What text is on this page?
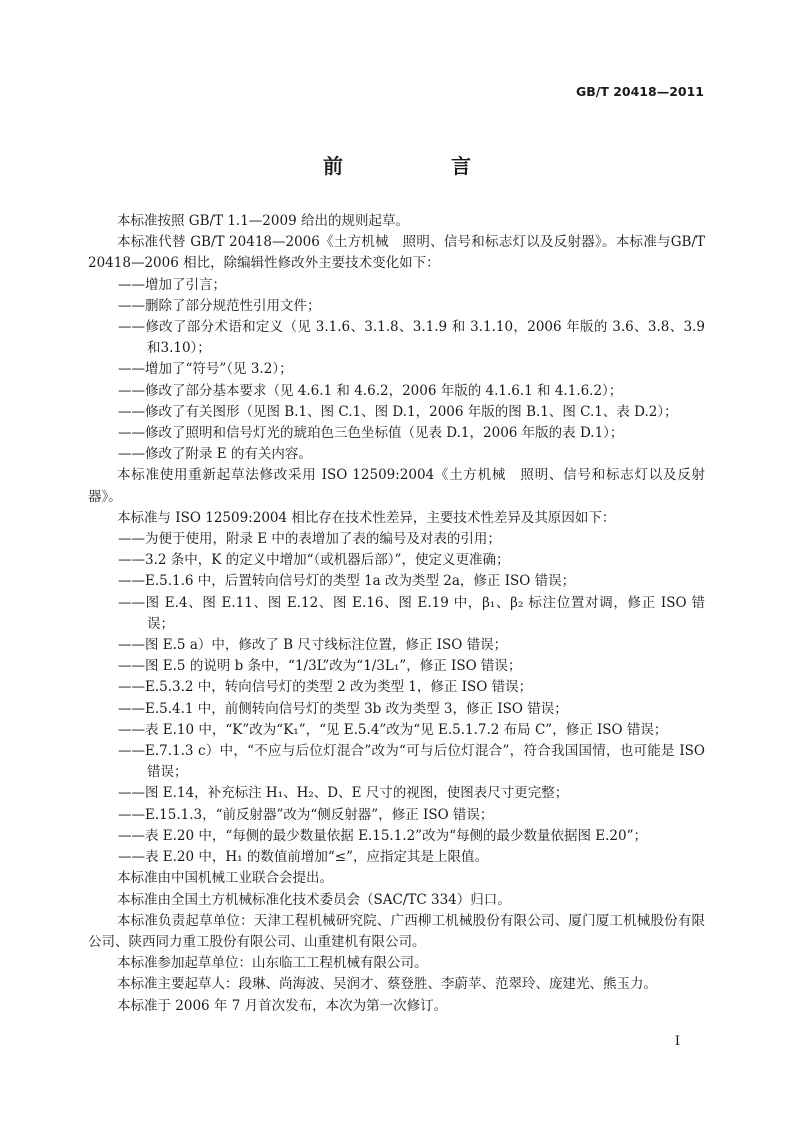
GB/T 20418—2011
前　言

本标准按照 GB/T 1.1—2009 给出的规则起草。

本标准代替 GB/T 20418—2006《土方机械　照明、信号和标志灯以及反射器》。本标准与GB/T 20418—2006 相比，除编辑性修改外主要技术变化如下：

——增加了引言；

——删除了部分规范性引用文件；

——修改了部分术语和定义（见 3.1.6、3.1.8、3.1.9 和 3.1.10，2006 年版的 3.6、3.8、3.9 和3.10）；

——增加了“符号”（见 3.2）；

——修改了部分基本要求（见 4.6.1 和 4.6.2，2006 年版的 4.1.6.1 和 4.1.6.2）；

——修改了有关图形（见图 B.1、图 C.1、图 D.1，2006 年版的图 B.1、图 C.1、表 D.2）；

——修改了照明和信号灯光的琥珀色三色坐标值（见表 D.1，2006 年版的表 D.1）；

——修改了附录 E 的有关内容。

本标准使用重新起草法修改采用 ISO 12509:2004《土方机械　照明、信号和标志灯以及反射器》。

本标准与 ISO 12509:2004 相比存在技术性差异，主要技术性差异及其原因如下：

——为便于使用，附录 E 中的表增加了表的编号及对表的引用；

——3.2 条中，K 的定义中增加“（或机器后部）”，使定义更准确；

——E.5.1.6 中，后置转向信号灯的类型 1a 改为类型 2a，修正 ISO 错误；

——图 E.4、图 E.11、图 E.12、图 E.16、图 E.19 中，β₁、β₂ 标注位置对调，修正 ISO 错误；

——图 E.5 a）中，修改了 B 尺寸线标注位置，修正 ISO 错误；

——图 E.5 的说明 b 条中，“1/3L”改为“1/3L₁”，修正 ISO 错误；

——E.5.3.2 中，转向信号灯的类型 2 改为类型 1，修正 ISO 错误；

——E.5.4.1 中，前侧转向信号灯的类型 3b 改为类型 3，修正 ISO 错误；

——表 E.10 中，“K”改为“K₁”，“见 E.5.4”改为“见 E.5.1.7.2 布局 C”，修正 ISO 错误；

——E.7.1.3 c）中，“不应与后位灯混合”改为“可与后位灯混合”，符合我国国情，也可能是 ISO 错误；

——图 E.14，补充标注 H₁、H₂、D、E 尺寸的视图，使图表尺寸更完整；

——E.15.1.3，“前反射器”改为“侧反射器”，修正 ISO 错误；

——表 E.20 中，“每侧的最少数量依据 E.15.1.2”改为“每侧的最少数量依据图 E.20”；

——表 E.20 中，H₁ 的数值前增加“≤”，应指定其是上限值。

本标准由中国机械工业联合会提出。

本标准由全国土方机械标准化技术委员会（SAC/TC 334）归口。

本标准负责起草单位：天津工程机械研究院、广西柳工机械股份有限公司、厦门厦工机械股份有限公司、陕西同力重工股份有限公司、山重建机有限公司。

本标准参加起草单位：山东临工工程机械有限公司。

本标准主要起草人：段琳、尚海波、吴润才、蔡登胜、李蔚苹、范翠玲、庞建光、熊玉力。

本标准于 2006 年 7 月首次发布，本次为第一次修订。

I
